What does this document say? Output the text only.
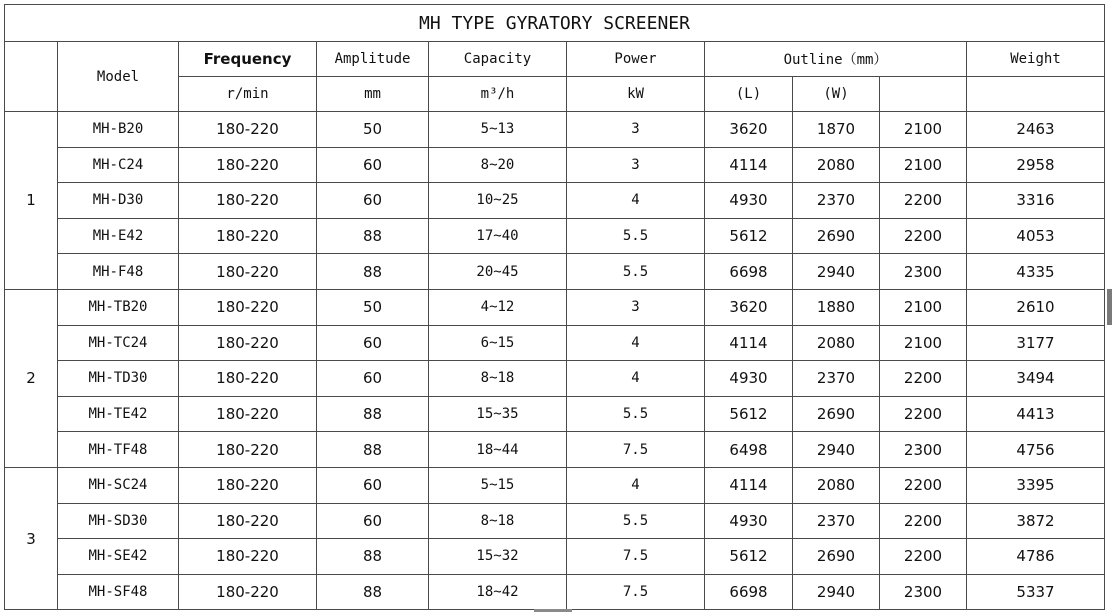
MH TYPE GYRATORY SCREENER									
	Model	Frequency	Amplitude	Capacity	Power	Outline（mm）			Weight
		r/min	mm	m³/h	kW	(L)	(W)		
1	MH-B20	180-220	50	5~13	3	3620	1870	2100	2463
	MH-C24	180-220	60	8~20	3	4114	2080	2100	2958
	MH-D30	180-220	60	10~25	4	4930	2370	2200	3316
	MH-E42	180-220	88	17~40	5.5	5612	2690	2200	4053
	MH-F48	180-220	88	20~45	5.5	6698	2940	2300	4335
2	MH-TB20	180-220	50	4~12	3	3620	1880	2100	2610
	MH-TC24	180-220	60	6~15	4	4114	2080	2100	3177
	MH-TD30	180-220	60	8~18	4	4930	2370	2200	3494
	MH-TE42	180-220	88	15~35	5.5	5612	2690	2200	4413
	MH-TF48	180-220	88	18~44	7.5	6498	2940	2300	4756
3	MH-SC24	180-220	60	5~15	4	4114	2080	2200	3395
	MH-SD30	180-220	60	8~18	5.5	4930	2370	2200	3872
	MH-SE42	180-220	88	15~32	7.5	5612	2690	2200	4786
	MH-SF48	180-220	88	18~42	7.5	6698	2940	2300	5337
